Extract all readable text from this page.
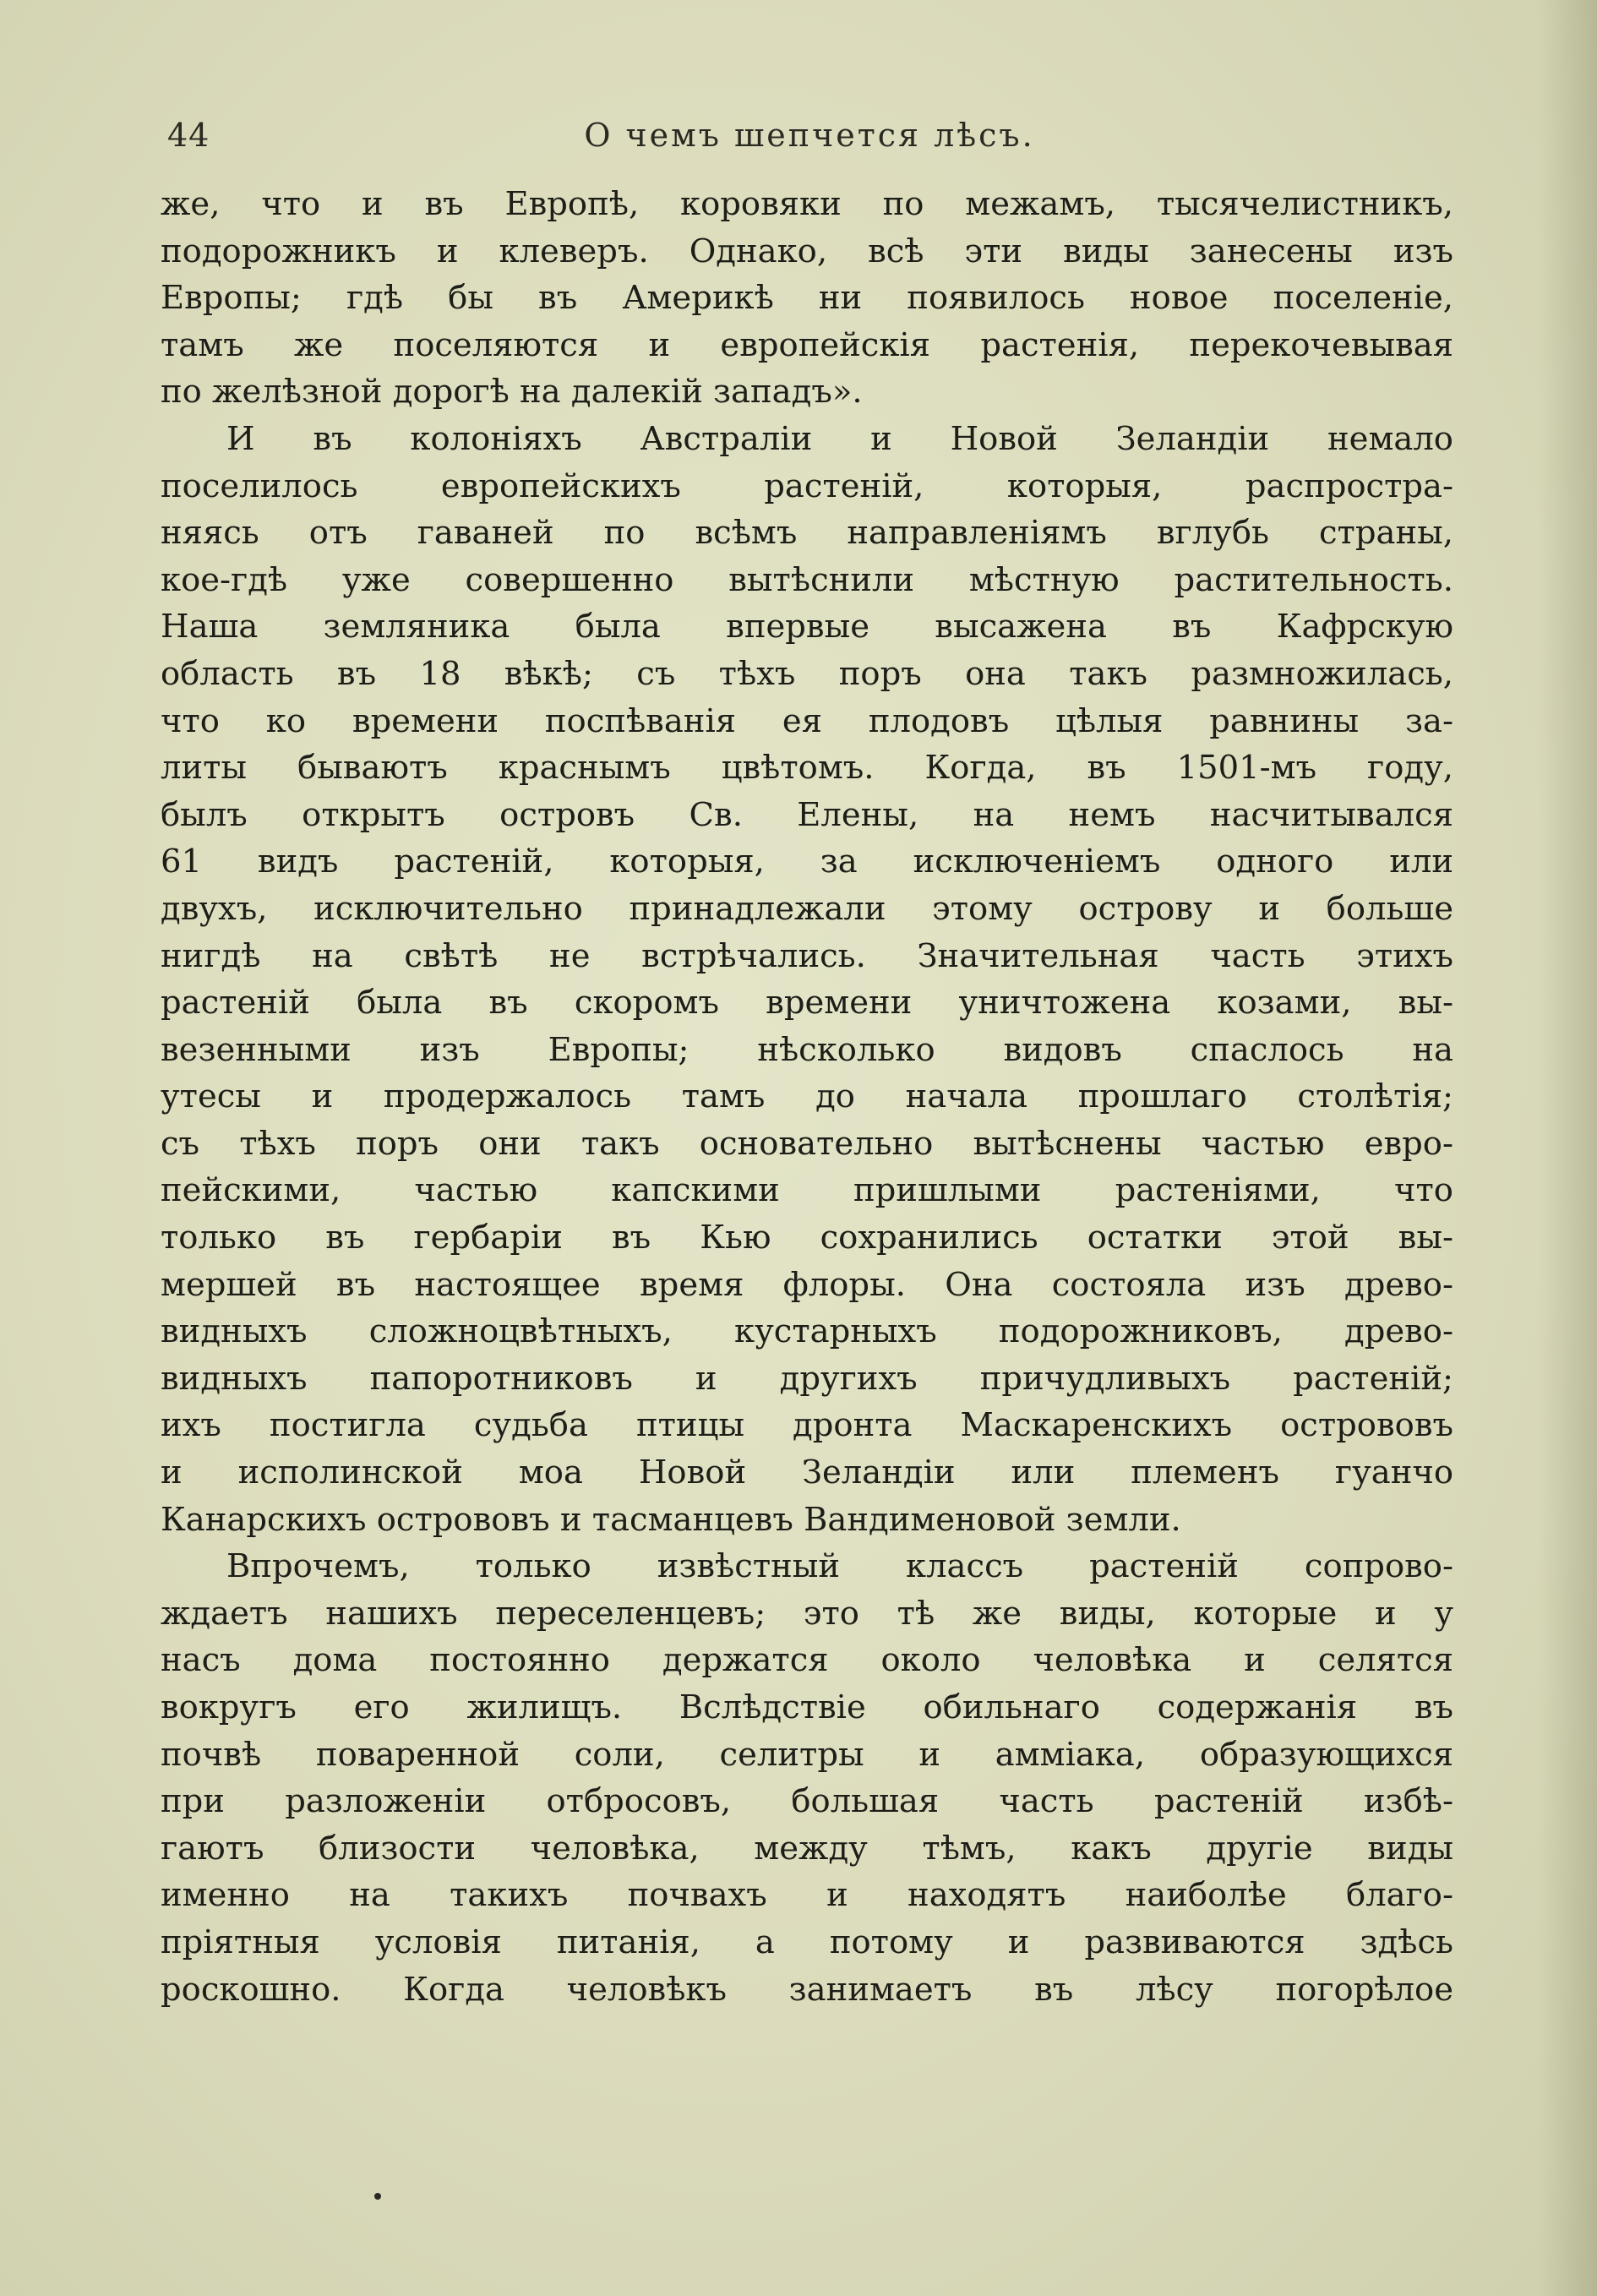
44	О чемъ шепчется лѣсъ.
же, что и въ Европѣ, коровяки по межамъ, тысячелистникъ,
подорожникъ и клеверъ. Однако, всѣ эти виды занесены изъ
Европы; гдѣ бы въ Америкѣ ни появилось новое поселеніе,
тамъ же поселяются и европейскія растенія, перекочевывая
по желѣзной дорогѣ на далекій западъ».
И въ колоніяхъ Австраліи и Новой Зеландіи немало
поселилось европейскихъ растеній, которыя, распростра-
няясь отъ гаваней по всѣмъ направленіямъ вглубь страны,
кое-гдѣ уже совершенно вытѣснили мѣстную растительность.
Наша земляника была впервые высажена въ Кафрскую
область въ 18 вѣкѣ; съ тѣхъ поръ она такъ размножилась,
что ко времени поспѣванія ея плодовъ цѣлыя равнины за-
литы бываютъ краснымъ цвѣтомъ. Когда, въ 1501-мъ году,
былъ открытъ островъ Св. Елены, на немъ насчитывался
61 видъ растеній, которыя, за исключеніемъ одного или
двухъ, исключительно принадлежали этому острову и больше
нигдѣ на свѣтѣ не встрѣчались. Значительная часть этихъ
растеній была въ скоромъ времени уничтожена козами, вы-
везенными изъ Европы; нѣсколько видовъ спаслось на
утесы и продержалось тамъ до начала прошлаго столѣтія;
съ тѣхъ поръ они такъ основательно вытѣснены частью евро-
пейскими, частью капскими пришлыми растеніями, что
только въ гербаріи въ Кью сохранились остатки этой вы-
мершей въ настоящее время флоры. Она состояла изъ древо-
видныхъ сложноцвѣтныхъ, кустарныхъ подорожниковъ, древо-
видныхъ папоротниковъ и другихъ причудливыхъ растеній;
ихъ постигла судьба птицы дронта Маскаренскихъ острововъ
и исполинской моа Новой Зеландіи или племенъ гуанчо
Канарскихъ острововъ и тасманцевъ Вандименовой земли.
Впрочемъ, только извѣстный классъ растеній сопрово-
ждаетъ нашихъ переселенцевъ; это тѣ же виды, которые и у
насъ дома постоянно держатся около человѣка и селятся
вокругъ его жилищъ. Вслѣдствіе обильнаго содержанія въ
почвѣ поваренной соли, селитры и амміака, образующихся
при разложеніи отбросовъ, большая часть растеній избѣ-
гаютъ близости человѣка, между тѣмъ, какъ другіе виды
именно на такихъ почвахъ и находятъ наиболѣе благо-
пріятныя условія питанія, а потому и развиваются здѣсь
роскошно. Когда человѣкъ занимаетъ въ лѣсу погорѣлое
